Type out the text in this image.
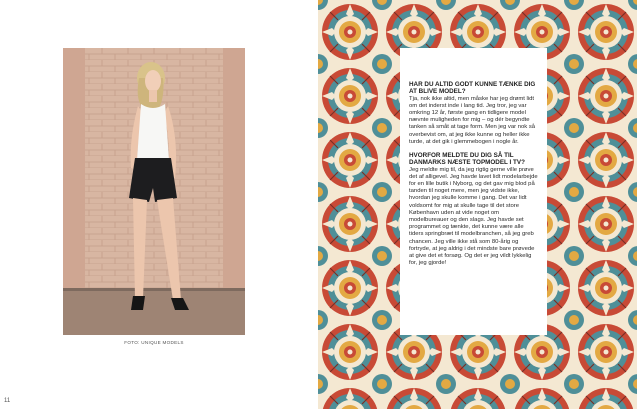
FOTO: UNIQUE MODELS
11

HAR DU ALTID GODT KUNNE TÆNKE DIG AT BLIVE MODEL?

Tja, nok ikke altid, men måske har jeg drømt lidt om det inderst inde i lang tid. Jeg tror, jeg var omkring 12 år, første gang en tidligere model nævnte muligheden for mig – og dér begyndte tanken så småt at tage form. Men jeg var nok så overbevist om, at jeg ikke kunne og heller ikke turde, at det gik i glemmebogen i nogle år.

HVORFOR MELDTE DU DIG SÅ TIL DANMARKS NÆSTE TOPMODEL I TV?

Jeg meldte mig til, da jeg rigtig gerne ville prøve det af alligevel. Jeg havde lavet lidt modelarbejde for en lille butik i Nyborg, og det gav mig blod på tanden til noget mere, men jeg vidste ikke, hvordan jeg skulle komme i gang. Det var lidt voldsomt for mig at skulle tage til det store København uden at vide noget om modelbureauer og den slags. Jeg havde set programmet og tænkte, det kunne være alle tiders springbræt til modelbranchen, så jeg greb chancen. Jeg ville ikke stå som 80-årig og fortryde, at jeg aldrig i det mindste bare prøvede at give det et forsøg. Og det er jeg vildt lykkelig for, jeg gjorde!
